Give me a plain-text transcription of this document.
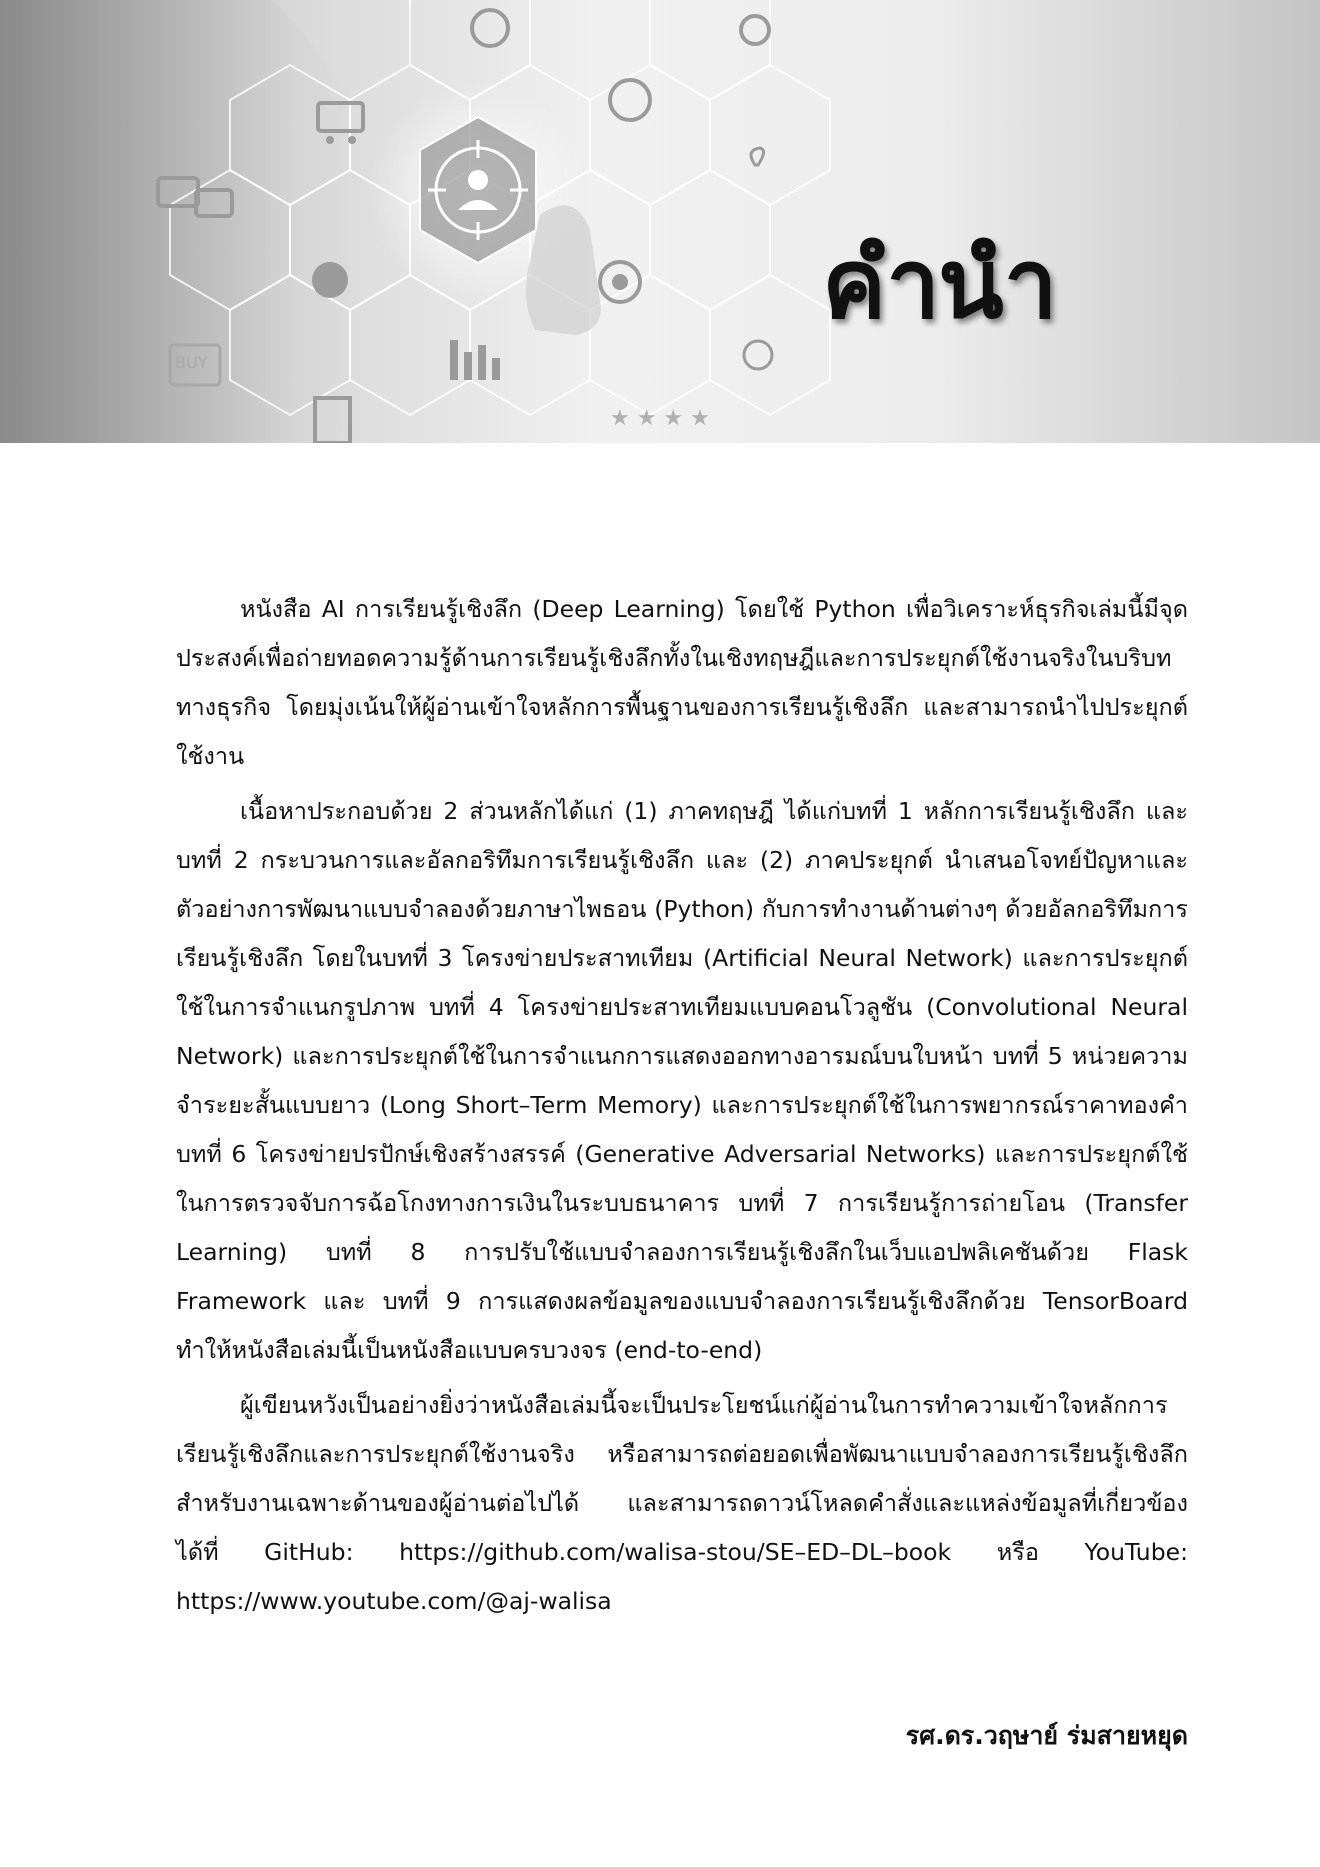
★ ★ ★ ★
BUY
คำนำ

หนังสือ AI การเรียนรู้เชิงลึก (Deep Learning) โดยใช้ Python เพื่อวิเคราะห์ธุรกิจเล่มนี้มีจุดประสงค์เพื่อถ่ายทอดความรู้ด้านการเรียนรู้เชิงลึกทั้งในเชิงทฤษฎีและการประยุกต์ใช้งานจริงในบริบททางธุรกิจ โดยมุ่งเน้นให้ผู้อ่านเข้าใจหลักการพื้นฐานของการเรียนรู้เชิงลึก และสามารถนำไปประยุกต์ใช้งาน

เนื้อหาประกอบด้วย 2 ส่วนหลักได้แก่ (1) ภาคทฤษฎี ได้แก่บทที่ 1 หลักการเรียนรู้เชิงลึก และบทที่ 2 กระบวนการและอัลกอริทึมการเรียนรู้เชิงลึก และ (2) ภาคประยุกต์ นำเสนอโจทย์ปัญหาและตัวอย่างการพัฒนาแบบจำลองด้วยภาษาไพธอน (Python) กับการทำงานด้านต่างๆ ด้วยอัลกอริทึมการเรียนรู้เชิงลึก โดยในบทที่ 3 โครงข่ายประสาทเทียม (Artificial Neural Network) และการประยุกต์ใช้ในการจำแนกรูปภาพ บทที่ 4 โครงข่ายประสาทเทียมแบบคอนโวลูชัน (Convolutional Neural Network) และการประยุกต์ใช้ในการจำแนกการแสดงออกทางอารมณ์บนใบหน้า บทที่ 5 หน่วยความจำระยะสั้นแบบยาว (Long Short–Term Memory) และการประยุกต์ใช้ในการพยากรณ์ราคาทองคำ บทที่ 6 โครงข่ายปรปักษ์เชิงสร้างสรรค์ (Generative Adversarial Networks) และการประยุกต์ใช้ในการตรวจจับการฉ้อโกงทางการเงินในระบบธนาคาร บทที่ 7 การเรียนรู้การถ่ายโอน (Transfer Learning) บทที่ 8 การปรับใช้แบบจำลองการเรียนรู้เชิงลึกในเว็บแอปพลิเคชันด้วย Flask Framework และ บทที่ 9 การแสดงผลข้อมูลของแบบจำลองการเรียนรู้เชิงลึกด้วย TensorBoard ทำให้หนังสือเล่มนี้เป็นหนังสือแบบครบวงจร (end-to-end)

ผู้เขียนหวังเป็นอย่างยิ่งว่าหนังสือเล่มนี้จะเป็นประโยชน์แก่ผู้อ่านในการทำความเข้าใจหลักการเรียนรู้เชิงลึกและการประยุกต์ใช้งานจริง หรือสามารถต่อยอดเพื่อพัฒนาแบบจำลองการเรียนรู้เชิงลึกสำหรับงานเฉพาะด้านของผู้อ่านต่อไปได้ และสามารถดาวน์โหลดคำสั่งและแหล่งข้อมูลที่เกี่ยวข้องได้ที่ GitHub: https://github.com/walisa-stou/SE–ED–DL–book หรือ YouTube: https://www.youtube.com/@aj-walisa

รศ.ดร.วฤษาย์ ร่มสายหยุด
